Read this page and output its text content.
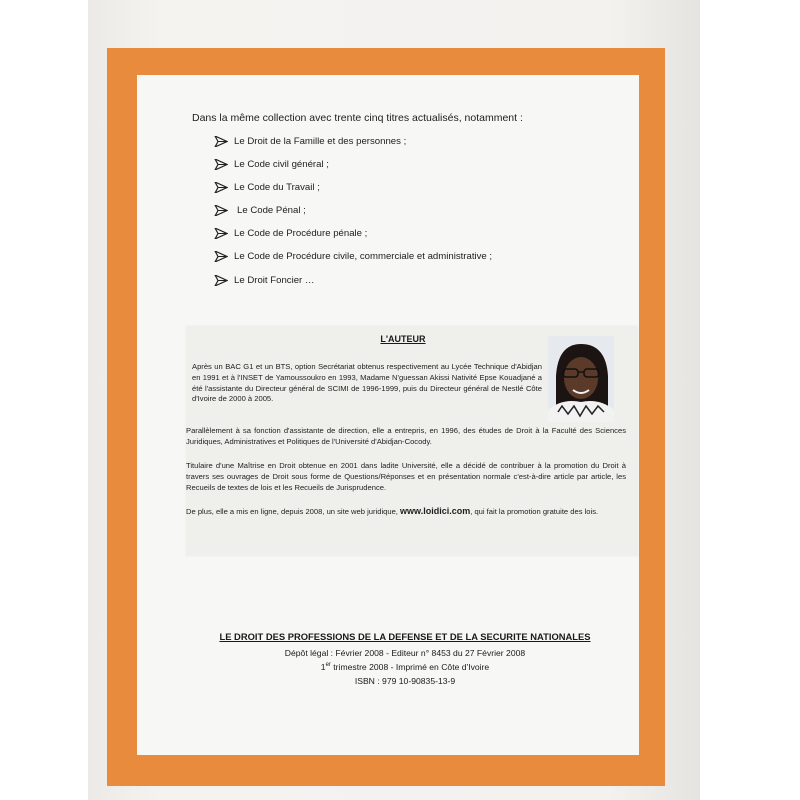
Dans la même collection avec trente cinq titres actualisés, notamment :
Le Droit de la Famille et des personnes ;
Le Code civil général ;
Le Code du Travail ;
Le Code Pénal ;
Le Code de Procédure pénale ;
Le Code de Procédure civile, commerciale et administrative ;
Le Droit Foncier …
L'AUTEUR
Après un BAC G1 et un BTS, option Secrétariat obtenus respectivement au Lycée Technique d'Abidjan en 1991 et à l'INSET de Yamoussoukro en 1993, Madame N'guessan Akissi Nativité Epse Kouadjané a été l'assistante du Directeur général de SCIMI de 1996-1999, puis du Directeur général de Nestlé Côte d'Ivoire de 2000 à 2005.
Parallèlement à sa fonction d'assistante de direction, elle a entrepris, en 1996, des études de Droit à la Faculté des Sciences Juridiques, Administratives et Politiques de l'Université d'Abidjan-Cocody.
Titulaire d'une Maîtrise en Droit obtenue en 2001 dans ladite Université, elle a décidé de contribuer à la promotion du Droit à travers ses ouvrages de Droit sous forme de Questions/Réponses et en présentation normale c'est-à-dire article par article, les Recueils de textes de lois et les Recueils de Jurisprudence.
De plus, elle a mis en ligne, depuis 2008, un site web juridique, www.loidici.com, qui fait la promotion gratuite des lois.
LE DROIT DES PROFESSIONS DE LA DEFENSE ET DE LA SECURITE NATIONALES
Dépôt légal : Février 2008 - Editeur n° 8453 du 27 Février 2008
1er trimestre 2008 - Imprimé en Côte d'Ivoire
ISBN : 979 10-90835-13-9
